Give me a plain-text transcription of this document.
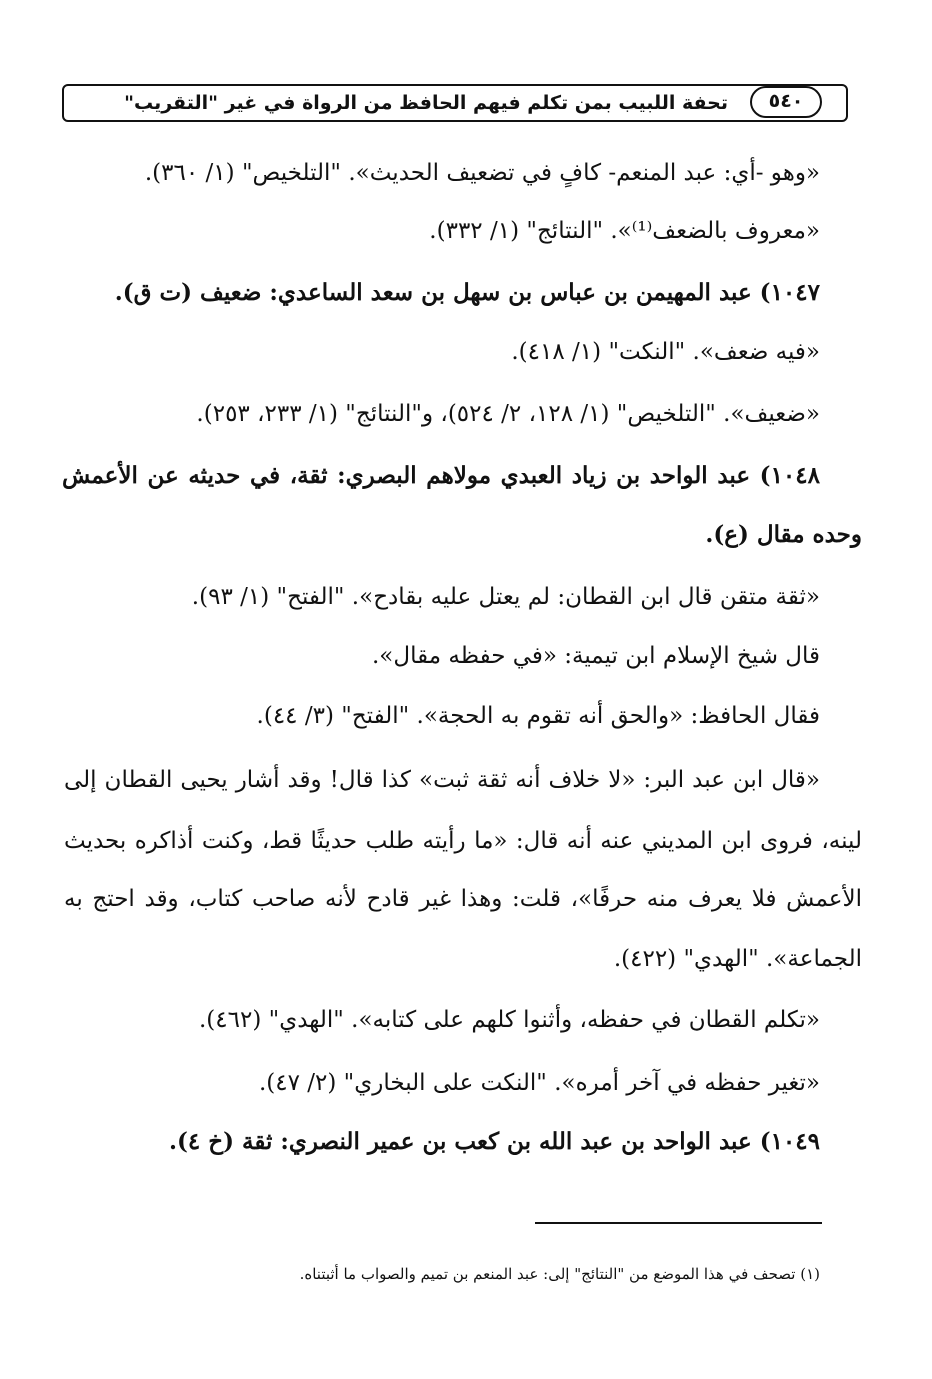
تحفة اللبيب بمن تكلم فيهم الحافظ من الرواة في غير "التقريب"	٥٤٠
«وهو -أي: عبد المنعم- كافٍ في تضعيف الحديث». "التلخيص" (١/ ٣٦٠).
«معروف بالضعف⁽¹⁾». "النتائج" (١/ ٣٣٢).
١٠٤٧) عبد المهيمن بن عباس بن سهل بن سعد الساعدي: ضعيف (ت ق).
«فيه ضعف». "النكت" (١/ ٤١٨).
«ضعيف». "التلخيص" (١/ ١٢٨، ٢/ ٥٢٤)، و"النتائج" (١/ ٢٣٣، ٢٥٣).
١٠٤٨) عبد الواحد بن زياد العبدي مولاهم البصري: ثقة، في حديثه عن الأعمش
وحده مقال (ع).
«ثقة متقن قال ابن القطان: لم يعتل عليه بقادح». "الفتح" (١/ ٩٣).
قال شيخ الإسلام ابن تيمية: «في حفظه مقال».
فقال الحافظ: «والحق أنه تقوم به الحجة». "الفتح" (٣/ ٤٤).
«قال ابن عبد البر: «لا خلاف أنه ثقة ثبت» كذا قال! وقد أشار يحيى القطان إلى
لينه، فروى ابن المديني عنه أنه قال: «ما رأيته طلب حديثًا قط، وكنت أذاكره بحديث
الأعمش فلا يعرف منه حرفًا»، قلت: وهذا غير قادح لأنه صاحب كتاب، وقد احتج به
الجماعة». "الهدي" (٤٢٢).
«تكلم القطان في حفظه، وأثنوا كلهم على كتابه». "الهدي" (٤٦٢).
«تغير حفظه في آخر أمره». "النكت على البخاري" (٢/ ٤٧).
١٠٤٩) عبد الواحد بن عبد الله بن كعب بن عمير النصري: ثقة (خ ٤).
(١) تصحف في هذا الموضع من "النتائج" إلى: عبد المنعم بن تميم والصواب ما أثبتناه.
